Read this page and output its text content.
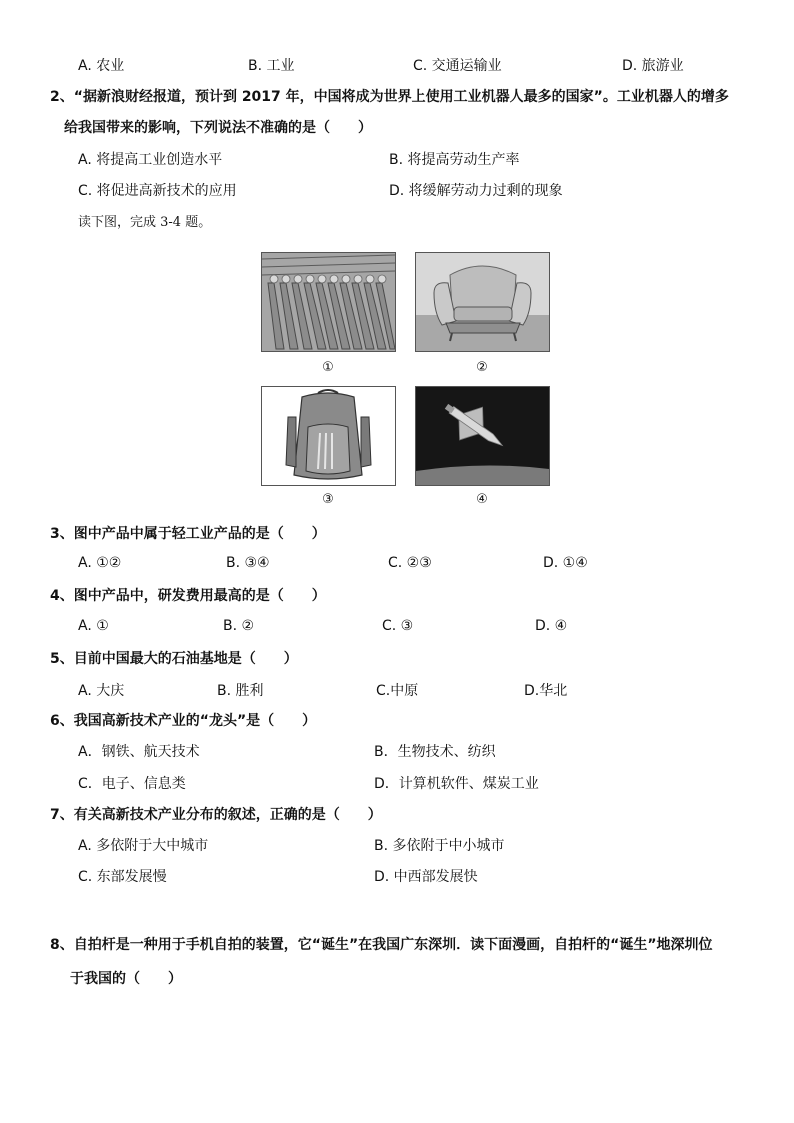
A. 农业	B. 工业	C. 交通运输业	D. 旅游业
2、“据新浪财经报道，预计到 2017 年，中国将成为世界上使用工业机器人最多的国家”。工业机器人的增多
给我国带来的影响，下列说法不准确的是（　　）
A. 将提高工业创造水平	B. 将提高劳动生产率
C. 将促进高新技术的应用	D. 将缓解劳动力过剩的现象
读下图，完成 3-4 题。
①	②
③	④
3、图中产品中属于轻工业产品的是（　　）
A. ①②	B. ③④	C. ②③	D. ①④
4、图中产品中，研发费用最高的是（　　）
A. ①	B. ②	C. ③	D. ④
5、目前中国最大的石油基地是（　　）
A. 大庆	B. 胜利	C.中原	D.华北
6、我国高新技术产业的“龙头”是（　　）
A．钢铁、航天技术	B．生物技术、纺织
C．电子、信息类	D．计算机软件、煤炭工业
7、有关高新技术产业分布的叙述，正确的是（　　）
A. 多依附于大中城市	B. 多依附于中小城市
C. 东部发展慢	D. 中西部发展快
8、自拍杆是一种用于手机自拍的装置，它“诞生”在我国广东深圳．读下面漫画，自拍杆的“诞生”地深圳位
于我国的（　　）
